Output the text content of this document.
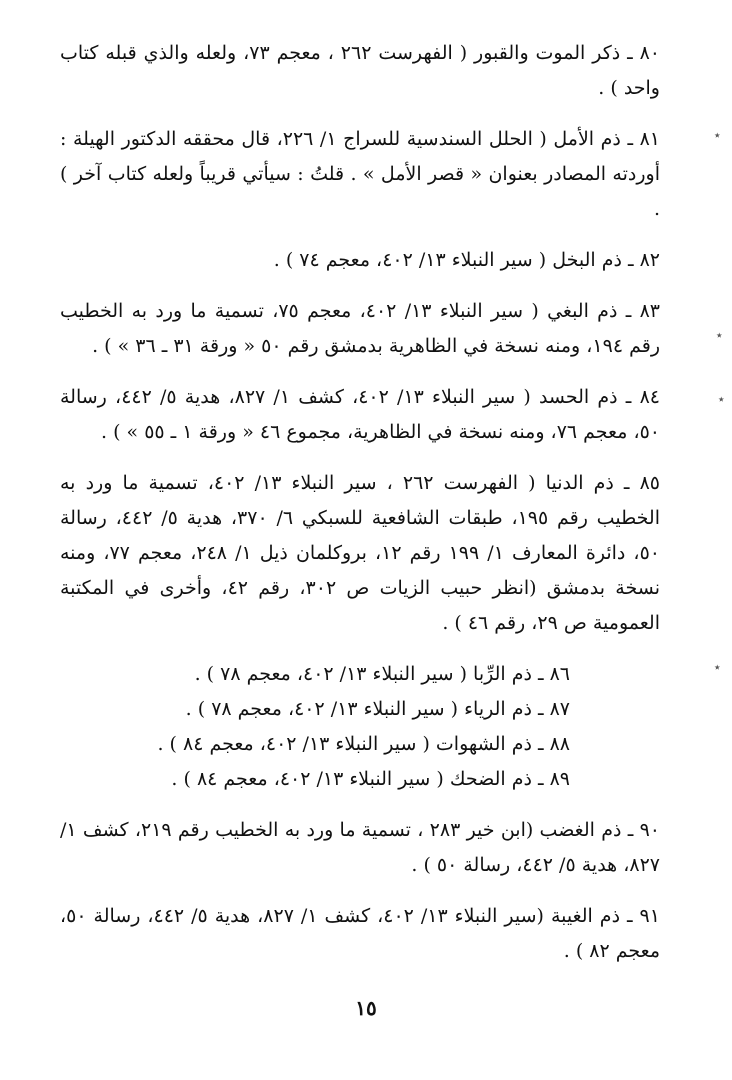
٨٠ ـ ذكر الموت والقبور ( الفهرست ٢٦٢ ، معجم ٧٣، ولعله والذي قبله كتاب واحد ) .

٨١ ـ ذم الأمل ( الحلل السندسية للسراج ١/ ٢٢٦، قال محققه الدكتور الهيلة : أوردته المصادر بعنوان « قصر الأمل » . قلتُ : سيأتي قريباً ولعله كتاب آخر ) .

٨٢ ـ ذم البخل ( سير النبلاء ١٣/ ٤٠٢، معجم ٧٤ ) .

٨٣ ـ ذم البغي ( سير النبلاء ١٣/ ٤٠٢، معجم ٧٥، تسمية ما ورد به الخطيب رقم ١٩٤، ومنه نسخة في الظاهرية بدمشق رقم ٥٠ « ورقة ٣١ ـ ٣٦ » ) .

٨٤ ـ ذم الحسد ( سير النبلاء ١٣/ ٤٠٢، كشف ١/ ٨٢٧، هدية ٥/ ٤٤٢، رسالة ٥٠، معجم ٧٦، ومنه نسخة في الظاهرية، مجموع ٤٦ « ورقة ١ ـ ٥٥ » ) .

٨٥ ـ ذم الدنيا ( الفهرست ٢٦٢ ، سير النبلاء ١٣/ ٤٠٢، تسمية ما ورد به الخطيب رقم ١٩٥، طبقات الشافعية للسبكي ٦/ ٣٧٠، هدية ٥/ ٤٤٢، رسالة ٥٠، دائرة المعارف ١/ ١٩٩ رقم ١٢، بروكلمان ذيل ١/ ٢٤٨، معجم ٧٧، ومنه نسخة بدمشق (انظر حبيب الزيات ص ٣٠٢، رقم ٤٢، وأخرى في المكتبة العمومية ص ٢٩، رقم ٤٦ ) .

٨٦ ـ ذم الرِّبا ( سير النبلاء ١٣/ ٤٠٢، معجم ٧٨ ) .

٨٧ ـ ذم الرياء ( سير النبلاء ١٣/ ٤٠٢، معجم ٧٨ ) .

٨٨ ـ ذم الشهوات ( سير النبلاء ١٣/ ٤٠٢، معجم ٨٤ ) .

٨٩ ـ ذم الضحك ( سير النبلاء ١٣/ ٤٠٢، معجم ٨٤ ) .

٩٠ ـ ذم الغضب (ابن خير ٢٨٣ ، تسمية ما ورد به الخطيب رقم ٢١٩، كشف ١/ ٨٢٧، هدية ٥/ ٤٤٢، رسالة ٥٠ ) .

٩١ ـ ذم الغيبة (سير النبلاء ١٣/ ٤٠٢، كشف ١/ ٨٢٧، هدية ٥/ ٤٤٢، رسالة ٥٠، معجم ٨٢ ) .

١٥
٭
٭
٭
٭
